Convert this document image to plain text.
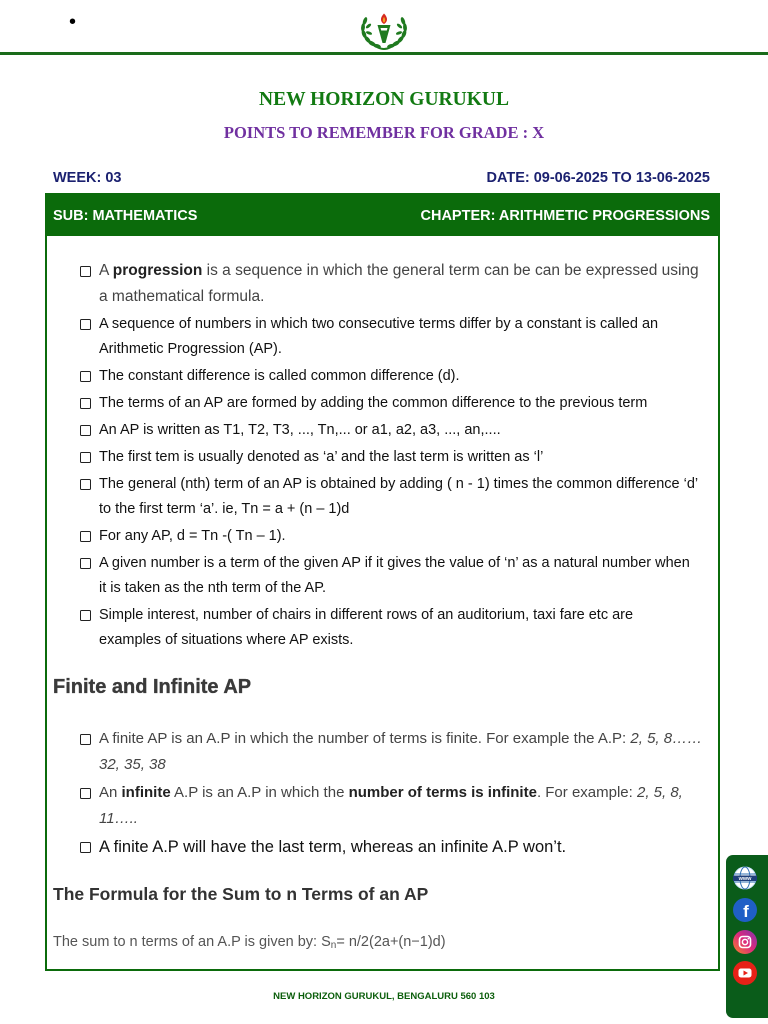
•
NEW HORIZON GURUKUL
POINTS TO REMEMBER FOR GRADE : X
WEEK: 03	DATE: 09-06-2025 TO 13-06-2025
SUB: MATHEMATICS	CHAPTER: ARITHMETIC PROGRESSIONS
A progression is a sequence in which the general term can be can be expressed using a mathematical formula.
A sequence of numbers in which two consecutive terms differ by a constant is called an Arithmetic Progression (AP).
The constant difference is called common difference (d).
The terms of an AP are formed by adding the common difference to the previous term
An AP is written as T1, T2, T3, ..., Tn,... or a1, a2, a3, ..., an,....
The first tem is usually denoted as ‘a’ and the last term is written as ‘l’
The general (nth) term of an AP is obtained by adding ( n - 1) times the common difference ‘d’ to the first term ‘a’. ie, Tn = a + (n – 1)d
For any AP, d = Tn -( Tn – 1).
A given number is a term of the given AP if it gives the value of ‘n’ as a natural number when it is taken as the nth term of the AP.
Simple interest, number of chairs in different rows of an auditorium, taxi fare etc are examples of situations where AP exists.
Finite and Infinite AP
A finite AP is an A.P in which the number of terms is finite. For example the A.P: 2, 5, 8……32, 35, 38
An infinite A.P is an A.P in which the number of terms is infinite. For example: 2, 5, 8, 11…..
A finite A.P will have the last term, whereas an infinite A.P won’t.
The Formula for the Sum to n Terms of an AP

The sum to n terms of an A.P is given by: $S_n= n/2(2a+(n-1)d)$

NEW HORIZON GURUKUL, BENGALURU 560 103
www
f
